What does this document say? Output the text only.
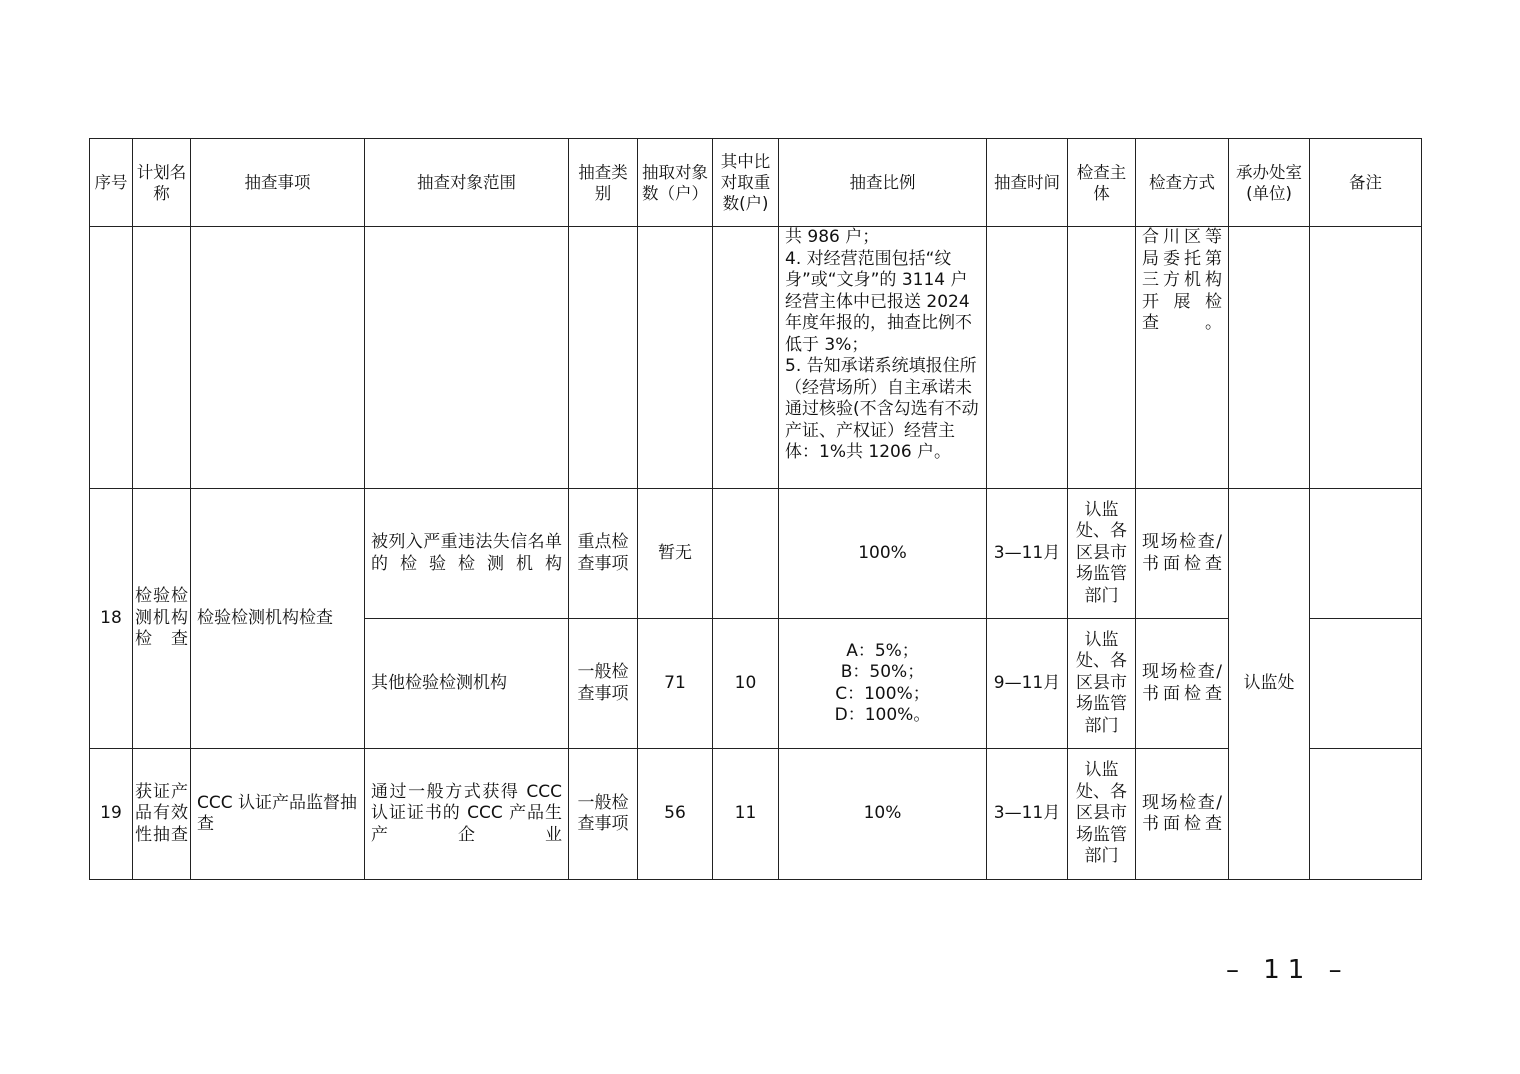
序号	计划名称	抽查事项	抽查对象范围	抽查类别	抽取对象数（户）	其中比对取重数(户)	抽查比例	抽查时间	检查主体	检查方式	承办处室(单位)	备注
							共 986 户；
4. 对经营范围包括“纹身”或“文身”的 3114 户经营主体中已报送 2024 年度年报的，抽查比例不低于 3%；
5. 告知承诺系统填报住所（经营场所）自主承诺未通过核验(不含勾选有不动产证、产权证）经营主体：1%共 1206 户。			合川区等局委托第三方机构开展检查。		
18	检验检测机构检查	检验检测机构检查	被列入严重违法失信名单的检验检测机构	重点检查事项	暂无		100%	3—11月	认监处、各区县市场监管部门	现场检查/书面检查	认监处	
			其他检验检测机构	一般检查事项	71	10	A：5%；
B：50%；
C：100%；
D：100%。	9—11月	认监处、各区县市场监管部门	现场检查/书面检查		
19	获证产品有效性抽查	CCC 认证产品监督抽查	通过一般方式获得 CCC 认证证书的 CCC 产品生产企业	一般检查事项	56	11	10%	3—11月	认监处、各区县市场监管部门	现场检查/书面检查		
– 11 –
